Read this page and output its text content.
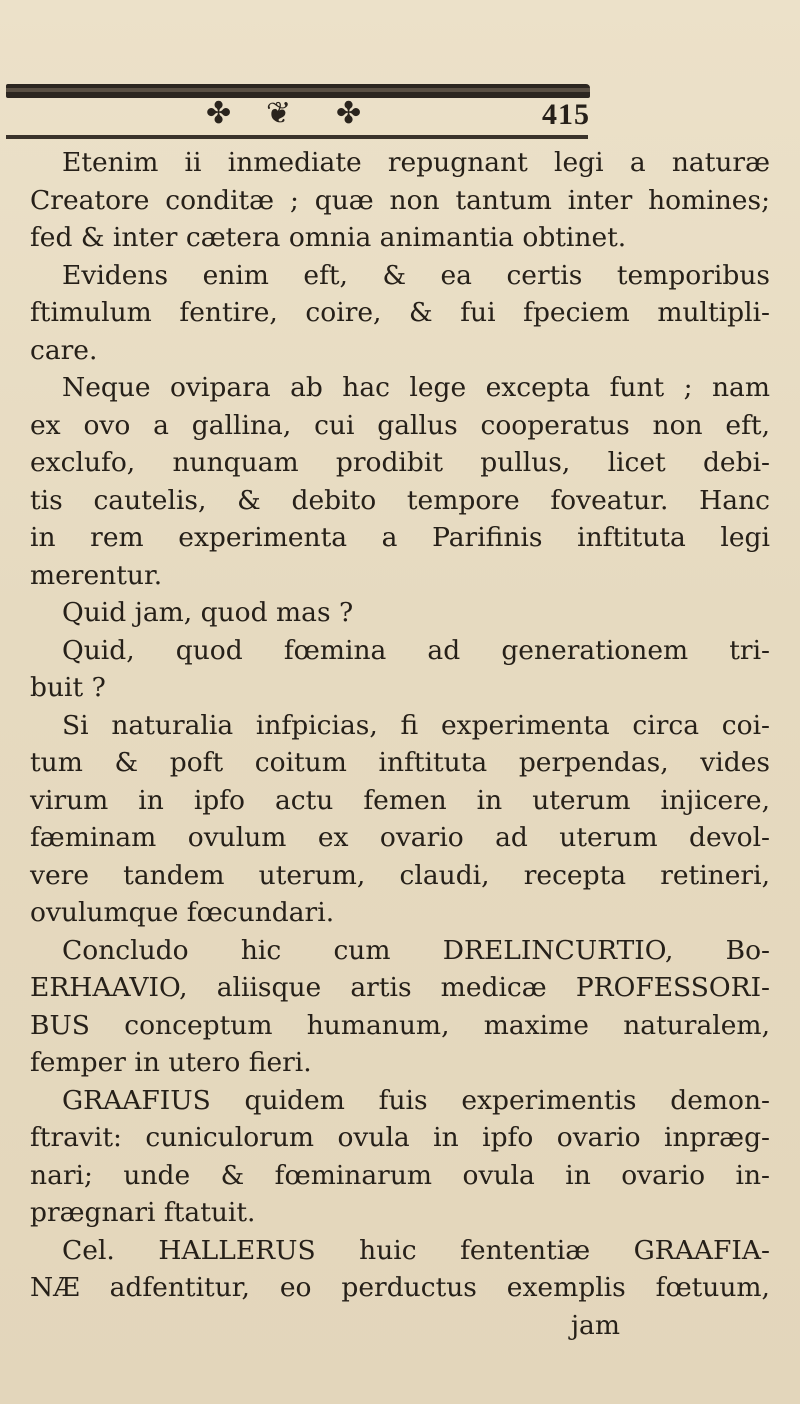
✤ ❦ ✤	415
Etenim ii inmediate repugnant legi a naturæ
Creatore conditæ ; quæ non tantum inter homines;
fed & inter cætera omnia animantia obtinet.
Evidens enim eft, & ea certis temporibus
ftimulum fentire, coire, & fui fpeciem multipli-
care.
Neque ovipara ab hac lege excepta funt ; nam
ex ovo a gallina, cui gallus cooperatus non eft,
exclufo, nunquam prodibit pullus, licet debi-
tis cautelis, & debito tempore foveatur. Hanc
in rem experimenta a Parifinis inftituta legi
merentur.
Quid jam, quod mas ?
Quid, quod fœmina ad generationem tri-
buit ?
Si naturalia infpicias, fi experimenta circa coi-
tum & poft coitum inftituta perpendas, vides
virum in ipfo actu femen in uterum injicere,
fæminam ovulum ex ovario ad uterum devol-
vere tandem uterum, claudi, recepta retineri,
ovulumque fœcundari.
Concludo hic cum DRELINCURTIO, Bo-
ERHAAVIO, aliisque artis medicæ PROFESSORI-
BUS conceptum humanum, maxime naturalem,
femper in utero fieri.
GRAAFIUS quidem fuis experimentis demon-
ftravit: cuniculorum ovula in ipfo ovario inpræg-
nari; unde & fœminarum ovula in ovario in-
prægnari ftatuit.
Cel. HALLERUS huic fententiæ GRAAFIA-
NÆ adfentitur, eo perductus exemplis fœtuum,
jam
